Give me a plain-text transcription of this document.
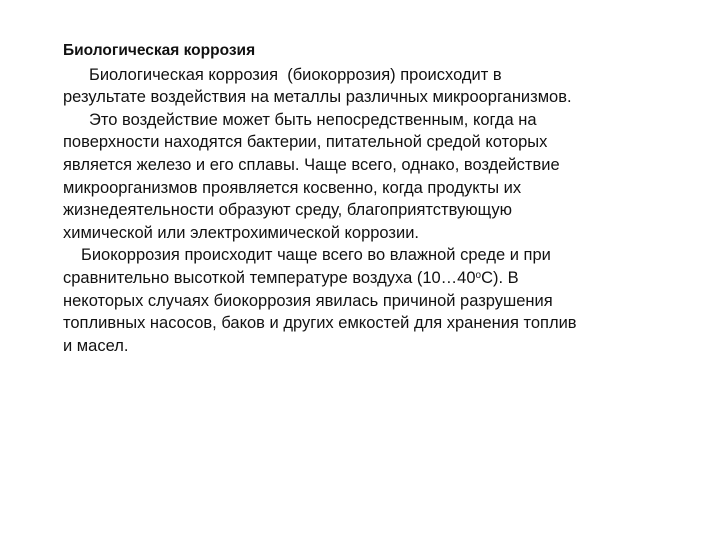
Биологическая коррозия

Биологическая коррозия  (биокоррозия) происходит в
результате воздействия на металлы различных микроорганизмов.

Это воздействие может быть непосредственным, когда на
поверхности находятся бактерии, питательной средой которых
является железо и его сплавы. Чаще всего, однако, воздействие
микроорганизмов проявляется косвенно, когда продукты их
жизнедеятельности образуют среду, благоприятствующую
химической или электрохимической коррозии.

Биокоррозия происходит чаще всего во влажной среде и при
сравнительно высоткой температуре воздуха $(10\dots 40^оС)$. В
некоторых случаях биокоррозия явилась причиной разрушения
топливных насосов, баков и других емкостей для хранения топлив
и масел.
